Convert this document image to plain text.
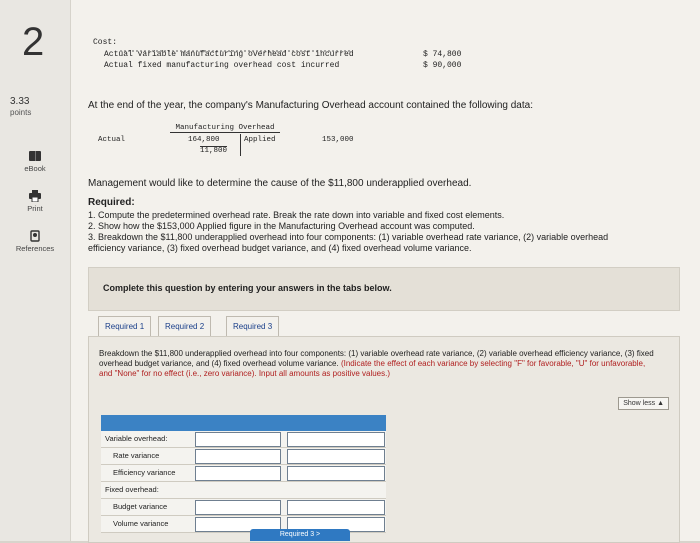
2
3.33
points
eBook
Print
References
Cost:
Actual variable manufacturing overhead cost incurred	$ 74,800
Actual fixed manufacturing overhead cost incurred	$ 90,000
At the end of the year, the company's Manufacturing Overhead account contained the following data:
Manufacturing Overhead
Actual	164,800	Applied	153,000
11,800
Management would like to determine the cause of the $11,800 underapplied overhead.
Required:
1. Compute the predetermined overhead rate. Break the rate down into variable and fixed cost elements.
2. Show how the $153,000 Applied figure in the Manufacturing Overhead account was computed.
3. Breakdown the $11,800 underapplied overhead into four components: (1) variable overhead rate variance, (2) variable overhead
efficiency variance, (3) fixed overhead budget variance, and (4) fixed overhead volume variance.
Complete this question by entering your answers in the tabs below.
Required 1	Required 2	Required 3
Breakdown the $11,800 underapplied overhead into four components: (1) variable overhead rate variance, (2) variable overhead efficiency variance, (3) fixed overhead budget variance, and (4) fixed overhead volume variance. (Indicate the effect of each variance by selecting "F" for favorable, "U" for unfavorable, and "None" for no effect (i.e., zero variance). Input all amounts as positive values.)
Show less ▲
Variable overhead:
Rate variance
Efficiency variance
Fixed overhead:
Budget variance
Volume variance
Required 3 >
